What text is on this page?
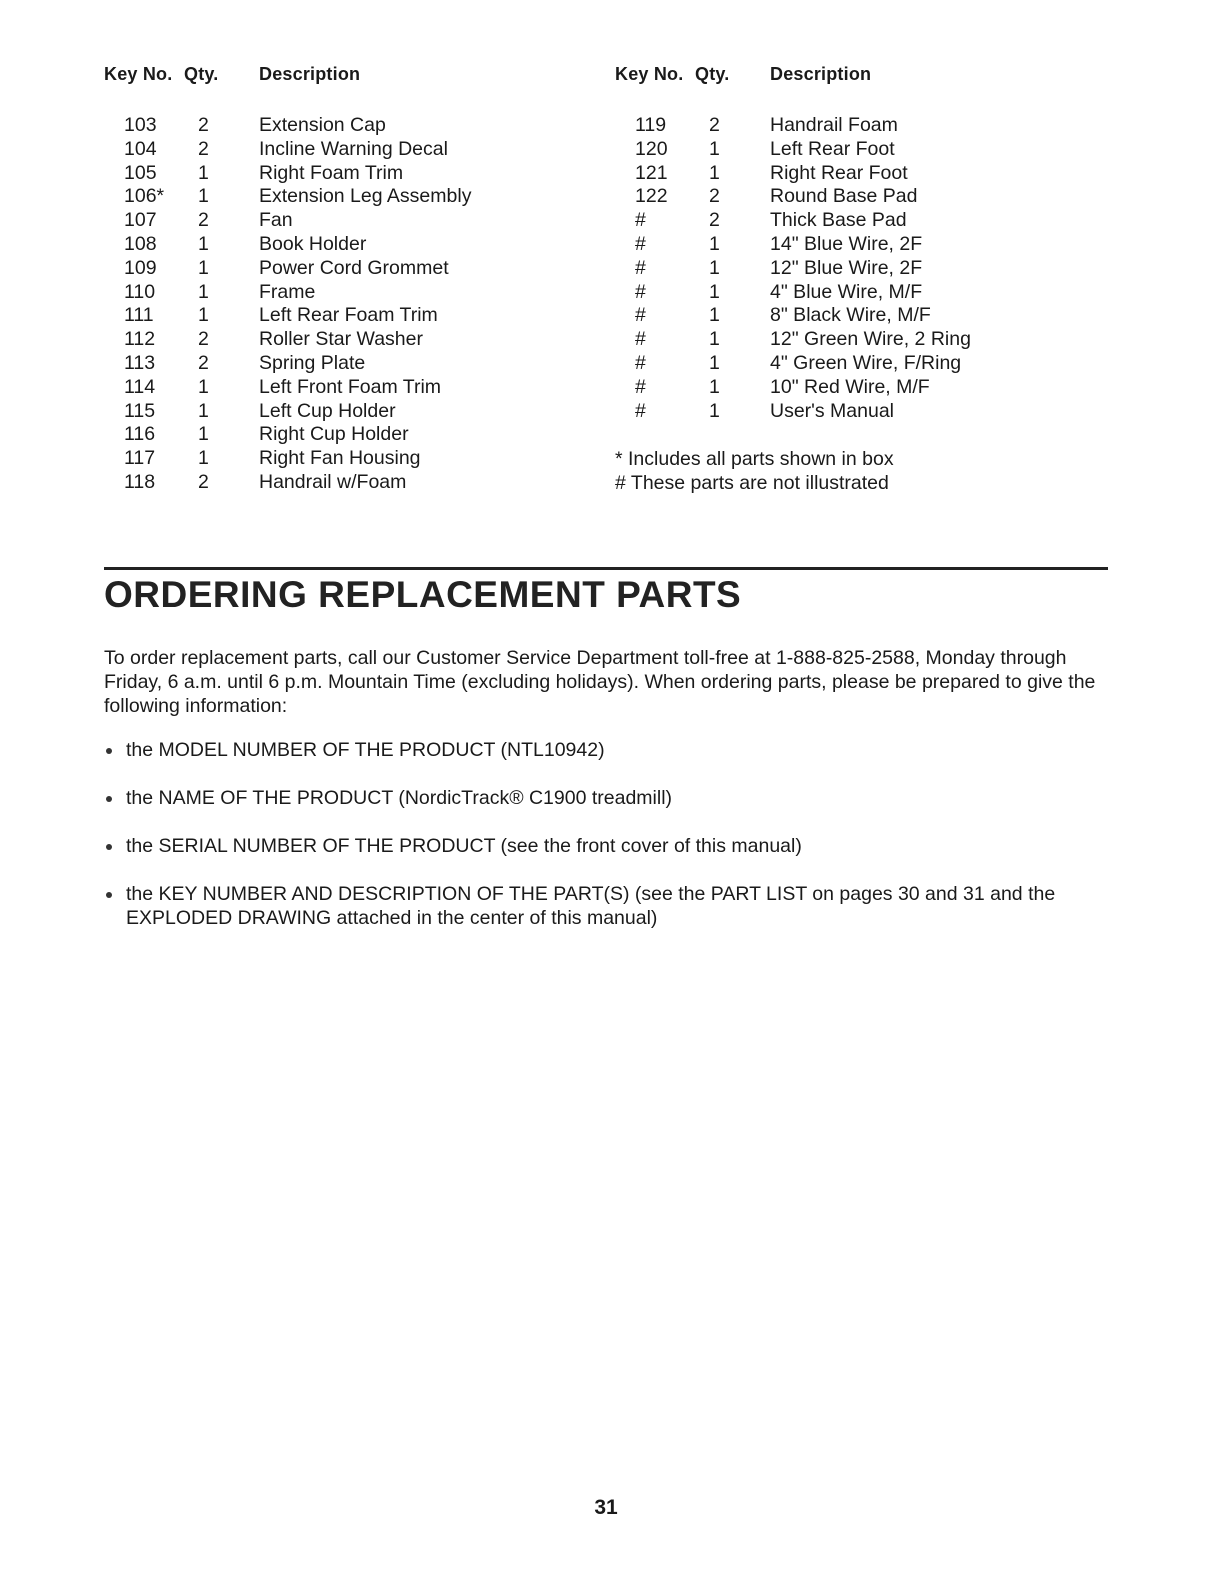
Key No. Qty.	Description
103	2	Extension Cap
104	2	Incline Warning Decal
105	1	Right Foam Trim
106*	1	Extension Leg Assembly
107	2	Fan
108	1	Book Holder
109	1	Power Cord Grommet
110	1	Frame
111	1	Left Rear Foam Trim
112	2	Roller Star Washer
113	2	Spring Plate
114	1	Left Front Foam Trim
115	1	Left Cup Holder
116	1	Right Cup Holder
117	1	Right Fan Housing
118	2	Handrail w/Foam
Key No. Qty.	Description
119	2	Handrail Foam
120	1	Left Rear Foot
121	1	Right Rear Foot
122	2	Round Base Pad
#	2	Thick Base Pad
#	1	14" Blue Wire, 2F
#	1	12" Blue Wire, 2F
#	1	4" Blue Wire, M/F
#	1	8" Black Wire, M/F
#	1	12" Green Wire, 2 Ring
#	1	4" Green Wire, F/Ring
#	1	10" Red Wire, M/F
#	1	User's Manual
* Includes all parts shown in box
# These parts are not illustrated
ORDERING REPLACEMENT PARTS

To order replacement parts, call our Customer Service Department toll-free at 1-888-825-2588, Monday through Friday, 6 a.m. until 6 p.m. Mountain Time (excluding holidays). When ordering parts, please be prepared to give the following information:

the MODEL NUMBER OF THE PRODUCT (NTL10942)
the NAME OF THE PRODUCT (NordicTrack® C1900 treadmill)
the SERIAL NUMBER OF THE PRODUCT (see the front cover of this manual)
the KEY NUMBER AND DESCRIPTION OF THE PART(S) (see the PART LIST on pages 30 and 31 and the EXPLODED DRAWING attached in the center of this manual)
31
